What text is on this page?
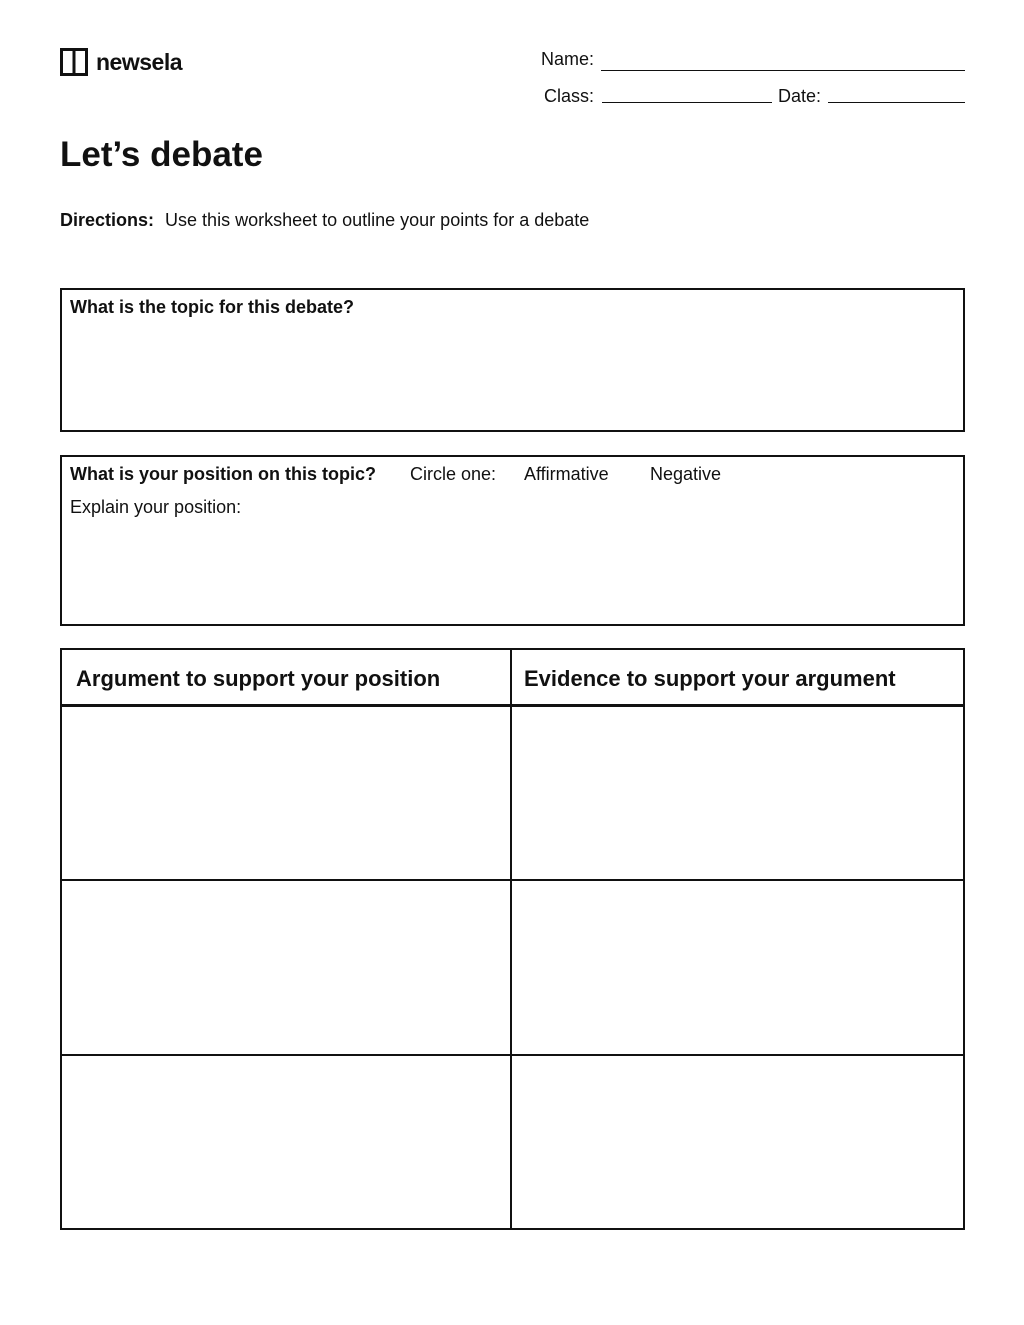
newsela	Name:
Class:	Date:
Let’s debate
Directions: Use this worksheet to outline your points for a debate
What is the topic for this debate?
What is your position on this topic? Circle one: Affirmative Negative
Explain your position:
Argument to support your position	Evidence to support your argument
